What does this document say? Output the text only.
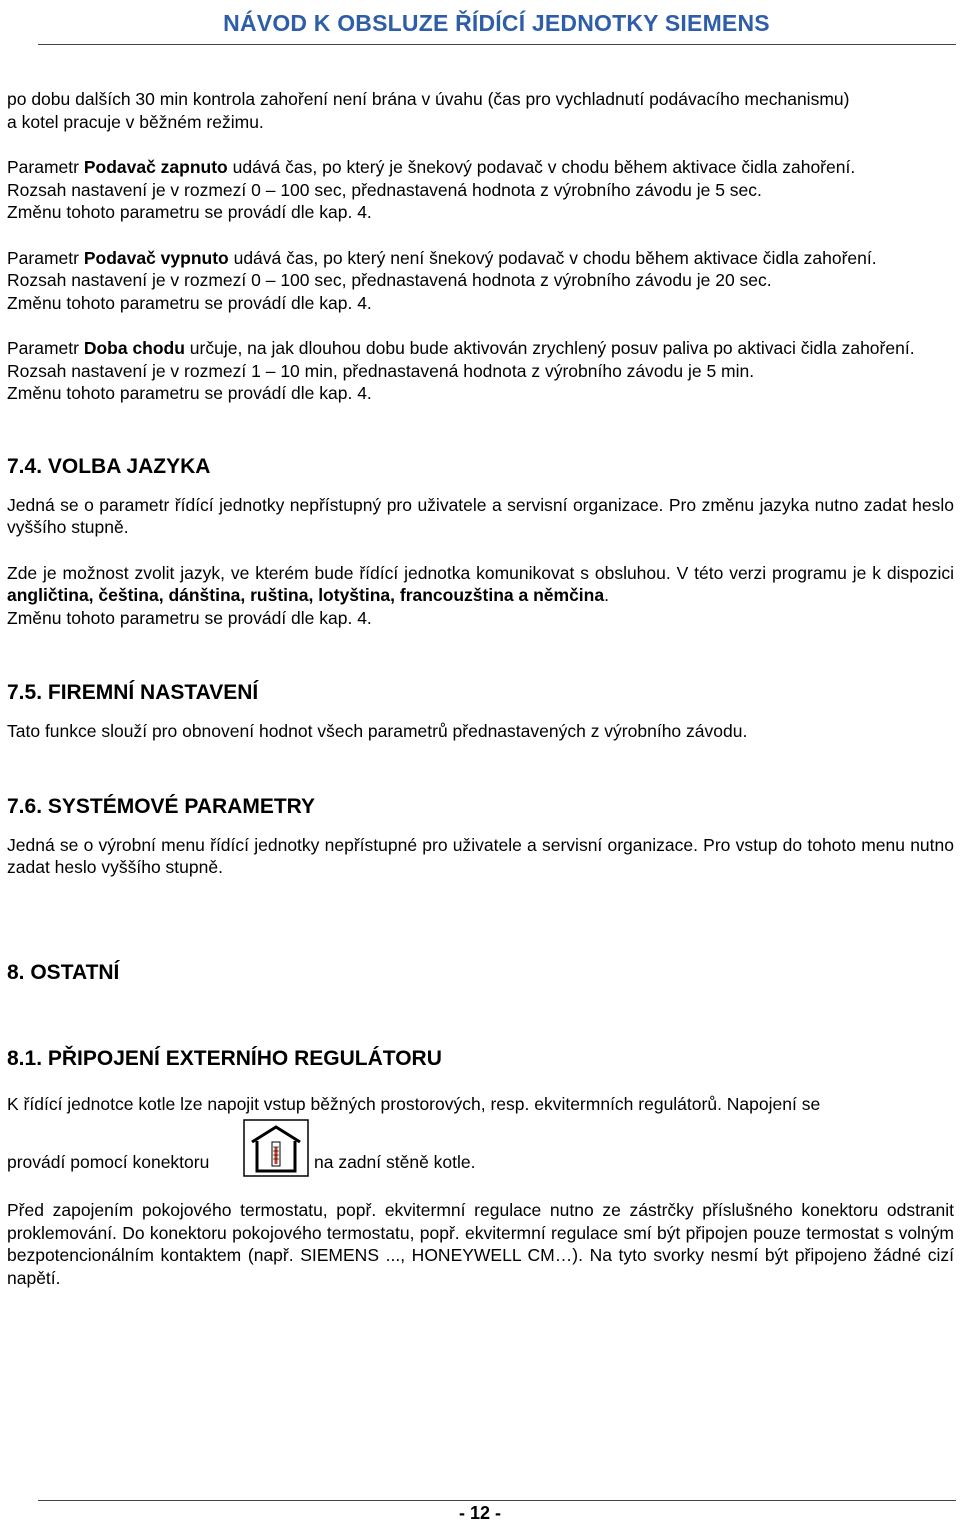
NÁVOD K OBSLUZE ŘÍDÍCÍ JEDNOTKY SIEMENS

po dobu dalších 30 min kontrola zahoření není brána v úvahu (čas pro vychladnutí podávacího mechanismu)

a kotel pracuje v běžném režimu.

Parametr Podavač zapnuto udává čas, po který je šnekový podavač v chodu během aktivace čidla zahoření.

Rozsah nastavení je v rozmezí 0 – 100 sec, přednastavená hodnota z výrobního závodu je 5 sec.

Změnu tohoto parametru se provádí dle kap. 4.

Parametr Podavač vypnuto udává čas, po který není šnekový podavač v chodu během aktivace čidla zahoření.

Rozsah nastavení je v rozmezí 0 – 100 sec, přednastavená hodnota z výrobního závodu je 20 sec.

Změnu tohoto parametru se provádí dle kap. 4.

Parametr Doba chodu určuje, na jak dlouhou dobu bude aktivován zrychlený posuv paliva po aktivaci čidla zahoření.

Rozsah nastavení je v rozmezí 1 – 10 min, přednastavená hodnota z výrobního závodu je 5 min.

Změnu tohoto parametru se provádí dle kap. 4.

7.4. VOLBA JAZYKA

Jedná se o parametr řídící jednotky nepřístupný pro uživatele a servisní organizace. Pro změnu jazyka nutno zadat heslo vyššího stupně.

Zde je možnost zvolit jazyk, ve kterém bude řídící jednotka komunikovat s obsluhou. V této verzi programu je k dispozici angličtina, čeština, dánština, ruština, lotyština, francouzština a němčina.

Změnu tohoto parametru se provádí dle kap. 4.

7.5. FIREMNÍ NASTAVENÍ

Tato funkce slouží pro obnovení hodnot všech parametrů přednastavených z výrobního závodu.

7.6. SYSTÉMOVÉ PARAMETRY

Jedná se o výrobní menu řídící jednotky nepřístupné pro uživatele a servisní organizace. Pro vstup do tohoto menu nutno zadat heslo vyššího stupně.

8. OSTATNÍ
8.1. PŘIPOJENÍ EXTERNÍHO REGULÁTORU

K řídící jednotce kotle lze napojit vstup běžných prostorových, resp. ekvitermních regulátorů. Napojení se

provádí pomocí konektoru	na zadní stěně kotle.

Před zapojením pokojového termostatu, popř. ekvitermní regulace nutno ze zástrčky příslušného konektoru odstranit proklemování. Do konektoru pokojového termostatu, popř. ekvitermní regulace smí být připojen pouze termostat s volným bezpotencionálním kontaktem (např. SIEMENS ..., HONEYWELL CM…). Na tyto svorky nesmí být připojeno žádné cizí napětí.

- 12 -
